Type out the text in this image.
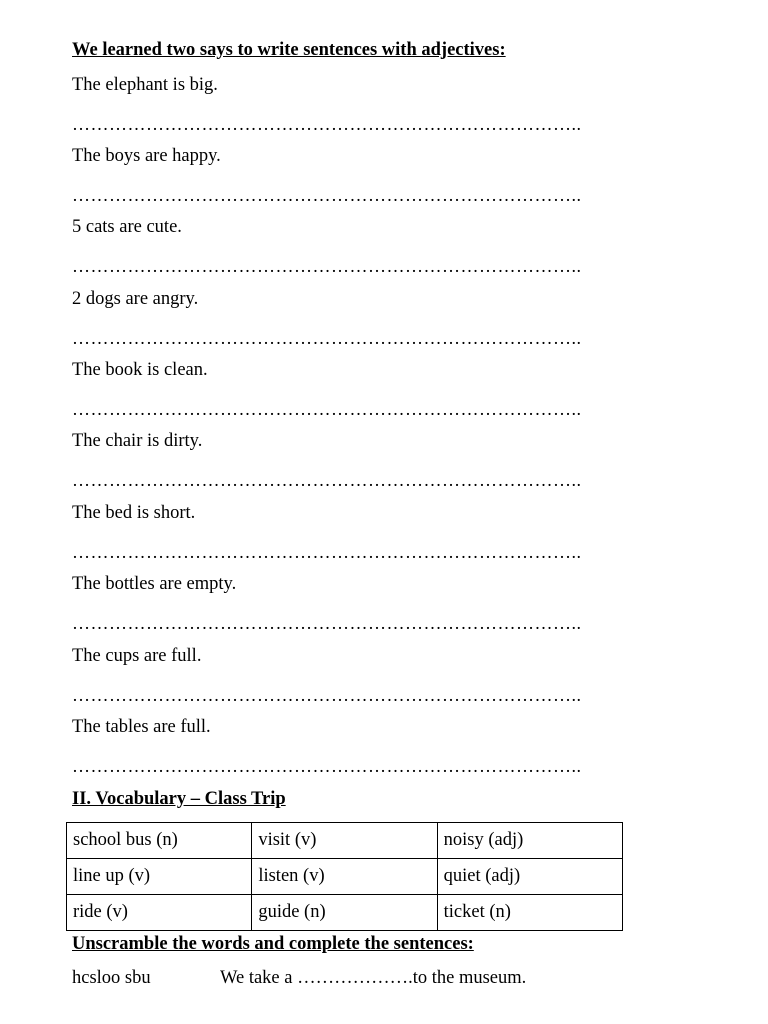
We learned two says to write sentences with adjectives:
The elephant is big.
………………………………………………………………………..
The boys are happy.
………………………………………………………………………..
5 cats are cute.
………………………………………………………………………..
2 dogs are angry.
………………………………………………………………………..
The book is clean.
………………………………………………………………………..
The chair is dirty.
………………………………………………………………………..
The bed is short.
………………………………………………………………………..
The bottles are empty.
………………………………………………………………………..
The cups are full.
………………………………………………………………………..
The tables are full.
………………………………………………………………………..
II. Vocabulary – Class Trip
school bus (n)	visit (v)	noisy (adj)
line up (v)	listen (v)	quiet (adj)
ride (v)	guide (n)	ticket (n)
Unscramble the words and complete the sentences:
hcsloo sbu	We take a ……………….to the museum.
